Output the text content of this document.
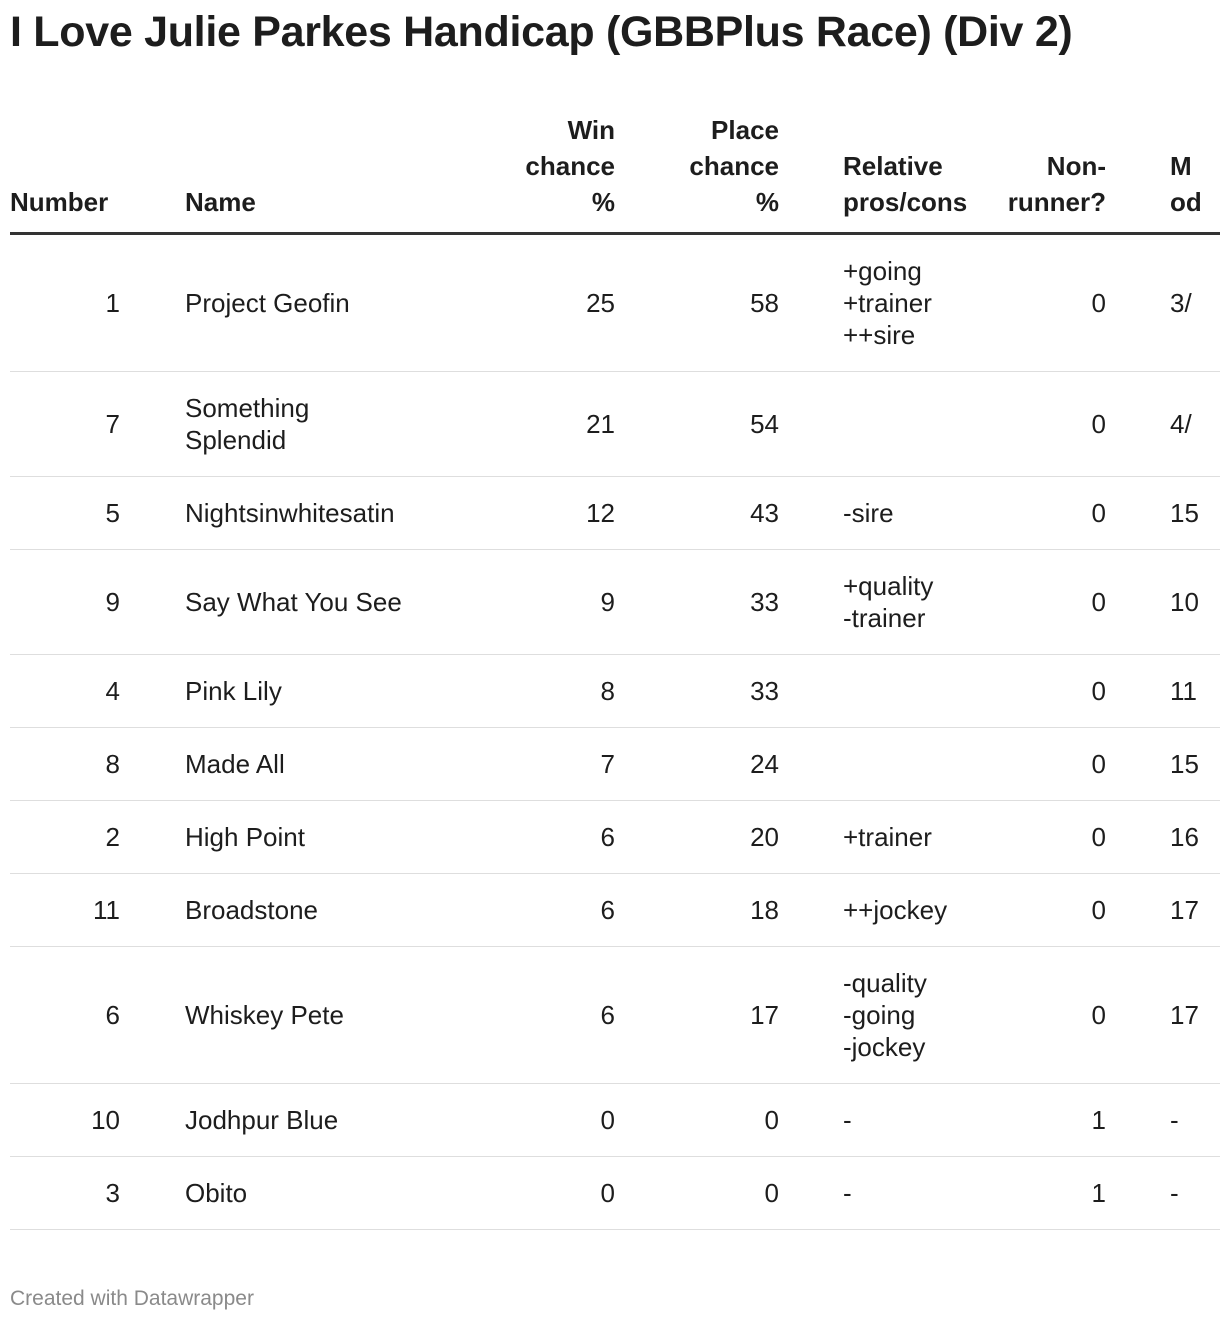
I Love Julie Parkes Handicap (GBBPlus Race) (Div 2)
Number	Name	Win
chance
%	Place
chance
%	Relative
pros/cons	Non-
runner?	M
od

1	Project Geofin	25	58	+going
+trainer
++sire	0	3/
7	Something
Splendid	21	54		0	4/
5	Nightsinwhitesatin	12	43	-sire	0	15
9	Say What You See	9	33	+quality
-trainer	0	10
4	Pink Lily	8	33		0	11
8	Made All	7	24		0	15
2	High Point	6	20	+trainer	0	16
11	Broadstone	6	18	++jockey	0	17
6	Whiskey Pete	6	17	-quality
-going
-jockey	0	17
10	Jodhpur Blue	0	0	-	1	-
3	Obito	0	0	-	1	-
Created with Datawrapper
